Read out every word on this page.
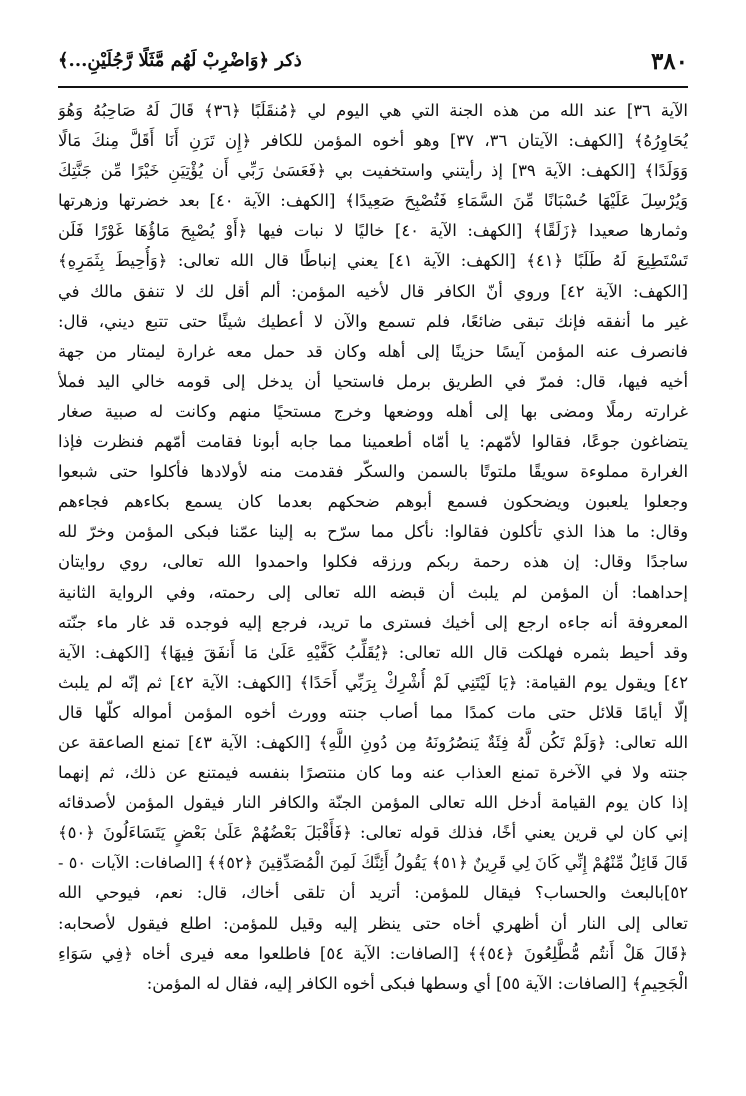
٣٨٠
ذكر ﴿وَاضْرِبْ لَهُم مَّثَلًا رَّجُلَيْنِ...﴾
الآية ٣٦] عند الله من هذه الجنة التي هي اليوم لي ﴿مُنقَلَبًا ﴿٣٦﴾ قَالَ لَهُ صَاحِبُهُ وَهُوَ
يُحَاوِرُهُ﴾ [الكهف: الآيتان ٣٦، ٣٧] وهو أخوه المؤمن للكافر ﴿إِن تَرَنِ أَنَا أَقَلَّ مِنكَ مَالًا
وَوَلَدًا﴾ [الكهف: الآية ٣٩] إذ رأيتني واستخفيت بي ﴿فَعَسَىٰ رَبِّي أَن يُؤْتِيَنِ خَيْرًا مِّن جَنَّتِكَ
وَيُرْسِلَ عَلَيْهَا حُسْبَانًا مِّنَ السَّمَاءِ فَتُصْبِحَ صَعِيدًا﴾ [الكهف: الآية ٤٠] بعد خضرتها وزهرتها
وثمارها صعيدا ﴿زَلَقًا﴾ [الكهف: الآية ٤٠] خاليًا لا نبات فيها ﴿أَوْ يُصْبِحَ مَاؤُهَا غَوْرًا فَلَن
تَسْتَطِيعَ لَهُ طَلَبًا ﴿٤١﴾ [الكهف: الآية ٤١] يعني إنباطًا قال الله تعالى: ﴿وَأُحِيطَ بِثَمَرِهِ﴾
[الكهف: الآية ٤٢] وروي أنّ الكافر قال لأخيه المؤمن: ألم أقل لك لا تنفق مالك في
غير ما أنفقه فإنك تبقى ضائعًا، فلم تسمع والآن لا أعطيك شيئًا حتى تتبع ديني، قال:
فانصرف عنه المؤمن آيسًا حزينًا إلى أهله وكان قد حمل معه غرارة ليمتار من جهة
أخيه فيها، قال: فمرّ في الطريق برمل فاستحيا أن يدخل إلى قومه خالي اليد فملأ
غرارته رملًا ومضى بها إلى أهله ووضعها وخرج مستحيًا منهم وكانت له صبية صغار
يتضاغون جوعًا، فقالوا لأمّهم: يا أمّاه أطعمينا مما جابه أبونا فقامت أمّهم فنظرت فإذا
الغرارة مملوءة سويقًا ملتوتًا بالسمن والسكّر فقدمت منه لأولادها فأكلوا حتى شبعوا
وجعلوا يلعبون ويضحكون فسمع أبوهم ضحكهم بعدما كان يسمع بكاءهم فجاءهم
وقال: ما هذا الذي تأكلون فقالوا: نأكل مما سرّح به إلينا عمّنا فبكى المؤمن وخرّ لله
ساجدًا وقال: إن هذه رحمة ربكم ورزقه فكلوا واحمدوا الله تعالى، روي روايتان
إحداهما: أن المؤمن لم يلبث أن قبضه الله تعالى إلى رحمته، وفي الرواية الثانية
المعروفة أنه جاءه ارجع إلى أخيك فسترى ما تريد، فرجع إليه فوجده قد غار ماء جنّته
وقد أحيط بثمره فهلكت قال الله تعالى: ﴿يُقَلِّبُ كَفَّيْهِ عَلَىٰ مَا أَنفَقَ فِيهَا﴾ [الكهف: الآية
٤٢] ويقول يوم القيامة: ﴿يَا لَيْتَنِي لَمْ أُشْرِكْ بِرَبِّي أَحَدًا﴾ [الكهف: الآية ٤٢] ثم إنّه لم يلبث
إلّا أيامًا قلائل حتى مات كمدًا مما أصاب جنته وورث أخوه المؤمن أمواله كلّها قال
الله تعالى: ﴿وَلَمْ تَكُن لَّهُ فِئَةٌ يَنصُرُونَهُ مِن دُونِ اللَّهِ﴾ [الكهف: الآية ٤٣] تمنع الصاعقة عن
جنته ولا في الآخرة تمنع العذاب عنه وما كان منتصرًا بنفسه فيمتنع عن ذلك، ثم إنهما
إذا كان يوم القيامة أدخل الله تعالى المؤمن الجنّة والكافر النار فيقول المؤمن لأصدقائه
إني كان لي قرين يعني أخًا، فذلك قوله تعالى: ﴿فَأَقْبَلَ بَعْضُهُمْ عَلَىٰ بَعْضٍ يَتَسَاءَلُونَ ﴿٥٠﴾
قَالَ قَائِلٌ مِّنْهُمْ إِنِّي كَانَ لِي قَرِينٌ ﴿٥١﴾ يَقُولُ أَئِنَّكَ لَمِنَ الْمُصَدِّقِينَ ﴿٥٢﴾﴾ [الصافات: الآيات ٥٠ -
٥٢]بالبعث والحساب؟ فيقال للمؤمن: أتريد أن تلقى أخاك، قال: نعم، فيوحي الله
تعالى إلى النار أن أظهري أخاه حتى ينظر إليه وقيل للمؤمن: اطلع فيقول لأصحابه:
﴿قَالَ هَلْ أَنتُم مُّطَّلِعُونَ ﴿٥٤﴾﴾ [الصافات: الآية ٥٤] فاطلعوا معه فيرى أخاه ﴿فِي سَوَاءِ
الْجَحِيمِ﴾ [الصافات: الآية ٥٥] أي وسطها فبكى أخوه الكافر إليه، فقال له المؤمن:
